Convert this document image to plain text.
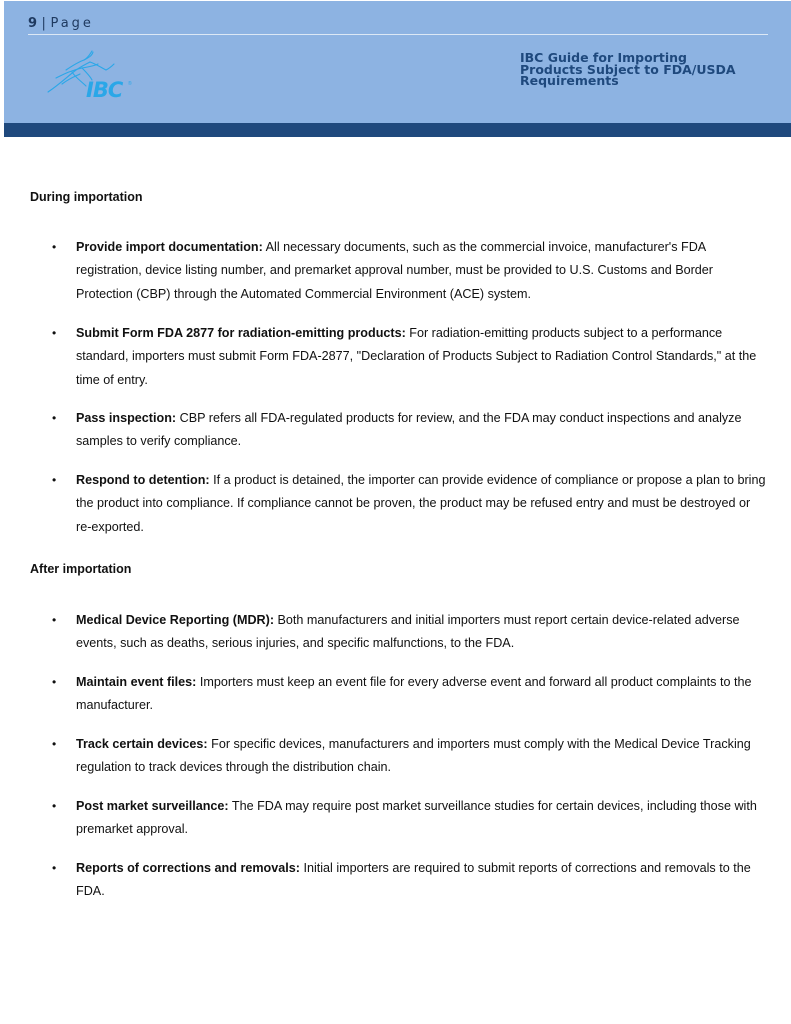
9 | Page
IBC ®
IBC Guide for Importing
Products Subject to FDA/USDA
Requirements
During importation
• Provide import documentation: All necessary documents, such as the commercial invoice, manufacturer's FDA registration, device listing number, and premarket approval number, must be provided to U.S. Customs and Border Protection (CBP) through the Automated Commercial Environment (ACE) system.
• Submit Form FDA 2877 for radiation-emitting products: For radiation-emitting products subject to a performance standard, importers must submit Form FDA-2877, "Declaration of Products Subject to Radiation Control Standards," at the time of entry.
• Pass inspection: CBP refers all FDA-regulated products for review, and the FDA may conduct inspections and analyze samples to verify compliance.
• Respond to detention: If a product is detained, the importer can provide evidence of compliance or propose a plan to bring the product into compliance. If compliance cannot be proven, the product may be refused entry and must be destroyed or re-exported.
After importation
• Medical Device Reporting (MDR): Both manufacturers and initial importers must report certain device-related adverse events, such as deaths, serious injuries, and specific malfunctions, to the FDA.
• Maintain event files: Importers must keep an event file for every adverse event and forward all product complaints to the manufacturer.
• Track certain devices: For specific devices, manufacturers and importers must comply with the Medical Device Tracking regulation to track devices through the distribution chain.
• Post market surveillance: The FDA may require post market surveillance studies for certain devices, including those with premarket approval.
• Reports of corrections and removals: Initial importers are required to submit reports of corrections and removals to the FDA.
